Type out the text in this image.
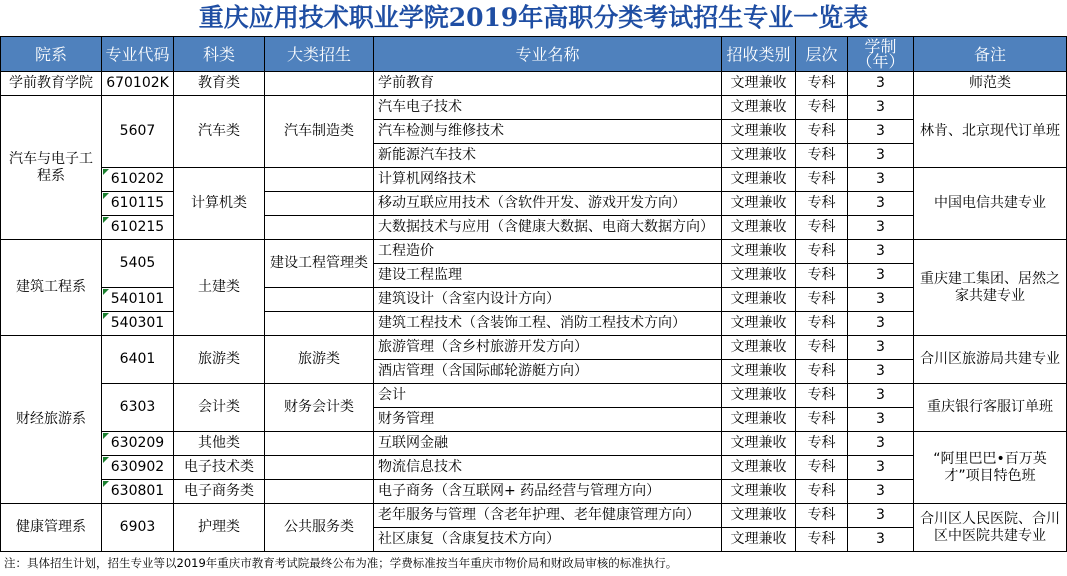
重庆应用技术职业学院2019年高职分类考试招生专业一览表
院系	专业代码	科类	大类招生	专业名称	招收类别	层次	学制（年）	备注
学前教育学院	670102K	教育类		学前教育	文理兼收	专科	3	师范类
汽车与电子工程系	5607	汽车类	汽车制造类	汽车电子技术	文理兼收	专科	3	林肯、北京现代订单班
				汽车检测与维修技术	文理兼收	专科	3	
				新能源汽车技术	文理兼收	专科	3	
	610202	计算机类		计算机网络技术	文理兼收	专科	3	中国电信共建专业
	610115			移动互联应用技术（含软件开发、游戏开发方向）	文理兼收	专科	3	
	610215			大数据技术与应用（含健康大数据、电商大数据方向）	文理兼收	专科	3	
建筑工程系	5405	土建类	建设工程管理类	工程造价	文理兼收	专科	3	重庆建工集团、居然之家共建专业
				建设工程监理	文理兼收	专科	3	
	540101			建筑设计（含室内设计方向）	文理兼收	专科	3	
	540301			建筑工程技术（含装饰工程、消防工程技术方向）	文理兼收	专科	3	
财经旅游系	6401	旅游类	旅游类	旅游管理（含乡村旅游开发方向）	文理兼收	专科	3	合川区旅游局共建专业
				酒店管理（含国际邮轮游艇方向）	文理兼收	专科	3	
	6303	会计类	财务会计类	会计	文理兼收	专科	3	重庆银行客服订单班
				财务管理	文理兼收	专科	3	
	630209	其他类		互联网金融	文理兼收	专科	3	“阿里巴巴•百万英才”项目特色班
	630902	电子技术类		物流信息技术	文理兼收	专科	3	
	630801	电子商务类		电子商务（含互联网+ 药品经营与管理方向）	文理兼收	专科	3	
健康管理系	6903	护理类	公共服务类	老年服务与管理（含老年护理、老年健康管理方向）	文理兼收	专科	3	合川区人民医院、合川区中医院共建专业
				社区康复（含康复技术方向）	文理兼收	专科	3	
注：具体招生计划，招生专业等以2019年重庆市教育考试院最终公布为准；学费标准按当年重庆市物价局和财政局审核的标准执行。
